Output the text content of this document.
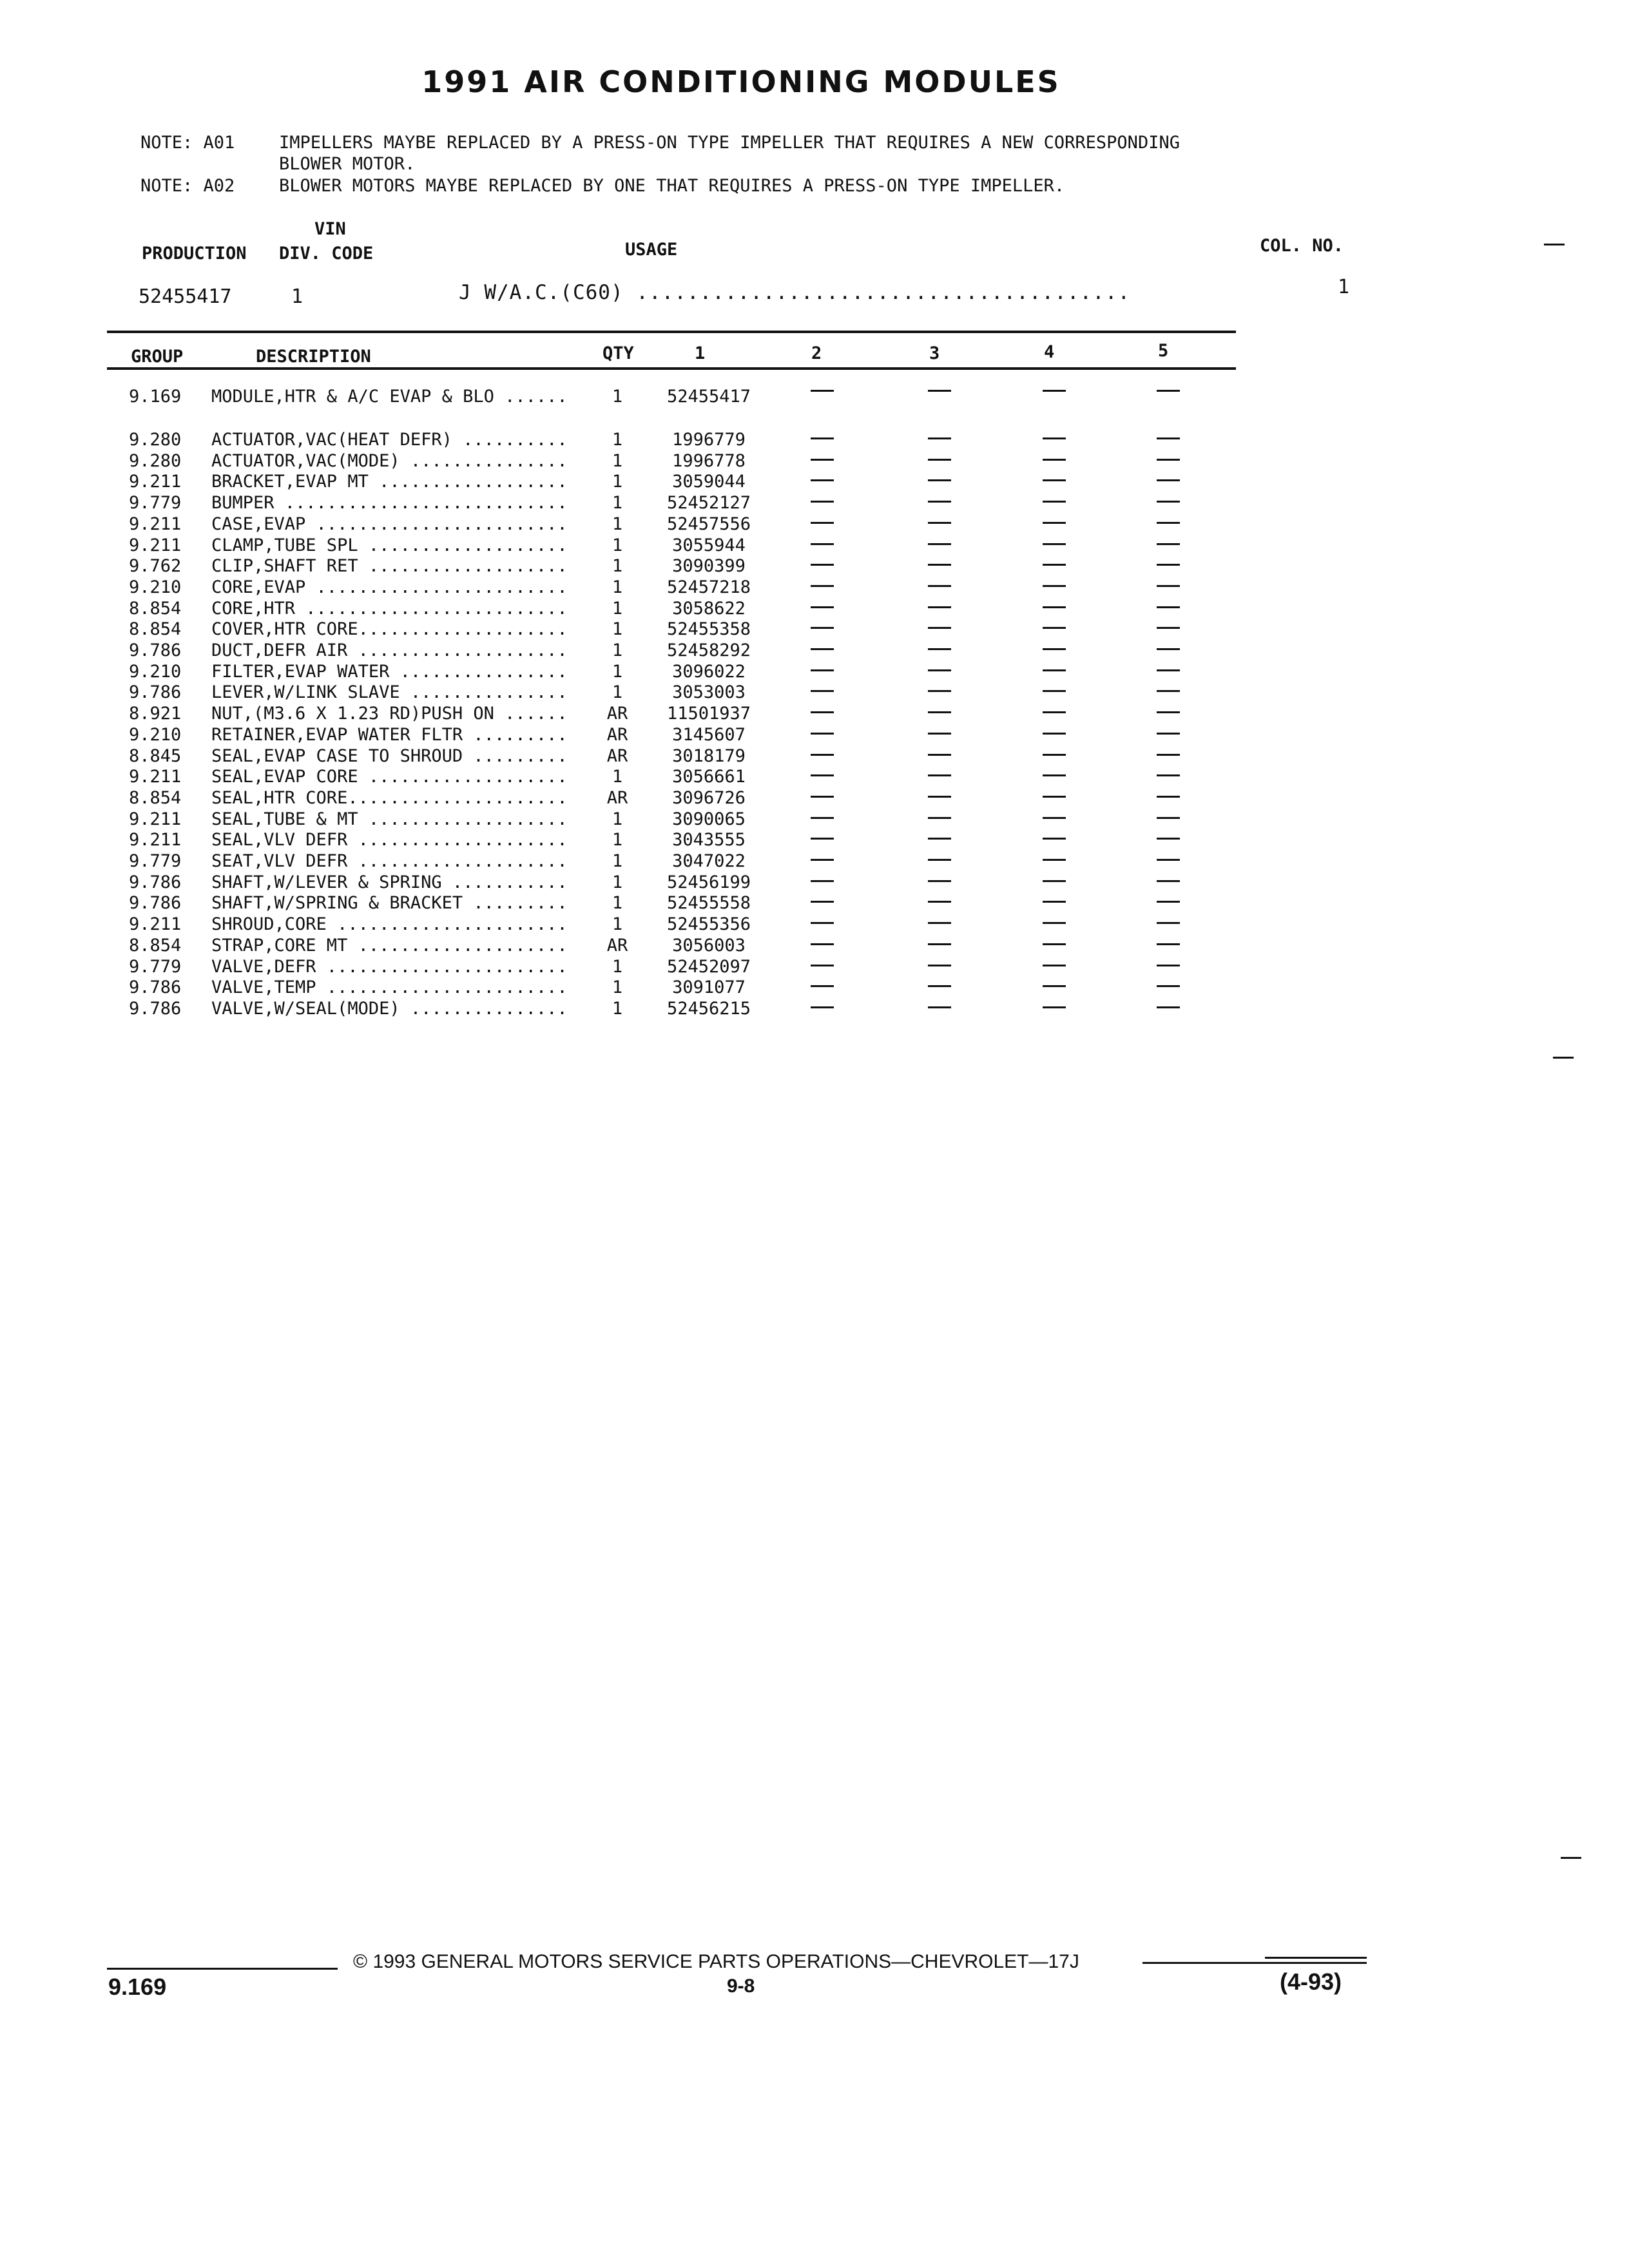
1991 AIR CONDITIONING MODULES

NOTE: A01

	IMPELLERS MAYBE REPLACED BY A PRESS-ON TYPE IMPELLER THAT REQUIRES A NEW CORRESPONDING

BLOWER MOTOR.

NOTE: A02

	BLOWER MOTORS MAYBE REPLACED BY ONE THAT REQUIRES A PRESS-ON TYPE IMPELLER.

VIN
PRODUCTION DIV. CODE	USAGE	COL. NO.
52455417	1	J W/A.C.(C60) .......................................	1
GROUP	DESCRIPTION	QTY	1	2	3	4	5
9.169 MODULE,HTR & A/C EVAP & BLO ......	1	52455417
9.280 ACTUATOR,VAC(HEAT DEFR) ..........	1	1996779
9.280 ACTUATOR,VAC(MODE) ...............	1	1996778
9.211 BRACKET,EVAP MT ..................	1	3059044
9.779 BUMPER ...........................	1	52452127
9.211 CASE,EVAP ........................	1	52457556
9.211 CLAMP,TUBE SPL ...................	1	3055944
9.762 CLIP,SHAFT RET ...................	1	3090399
9.210 CORE,EVAP ........................	1	52457218
8.854 CORE,HTR .........................	1	3058622
8.854 COVER,HTR CORE....................	1	52455358
9.786 DUCT,DEFR AIR ....................	1	52458292
9.210 FILTER,EVAP WATER ................	1	3096022
9.786 LEVER,W/LINK SLAVE ...............	1	3053003
8.921 NUT,(M3.6 X 1.23 RD)PUSH ON ......	AR	11501937
9.210 RETAINER,EVAP WATER FLTR .........	AR	3145607
8.845 SEAL,EVAP CASE TO SHROUD .........	AR	3018179
9.211 SEAL,EVAP CORE ...................	1	3056661
8.854 SEAL,HTR CORE.....................	AR	3096726
9.211 SEAL,TUBE & MT ...................	1	3090065
9.211 SEAL,VLV DEFR ....................	1	3043555
9.779 SEAT,VLV DEFR ....................	1	3047022
9.786 SHAFT,W/LEVER & SPRING ...........	1	52456199
9.786 SHAFT,W/SPRING & BRACKET .........	1	52455558
9.211 SHROUD,CORE ......................	1	52455356
8.854 STRAP,CORE MT ....................	AR	3056003
9.779 VALVE,DEFR .......................	1	52452097
9.786 VALVE,TEMP .......................	1	3091077
9.786 VALVE,W/SEAL(MODE) ...............	1	52456215
© 1993 GENERAL MOTORS SERVICE PARTS OPERATIONS—CHEVROLET—17J
9.169	9-8	(4-93)
